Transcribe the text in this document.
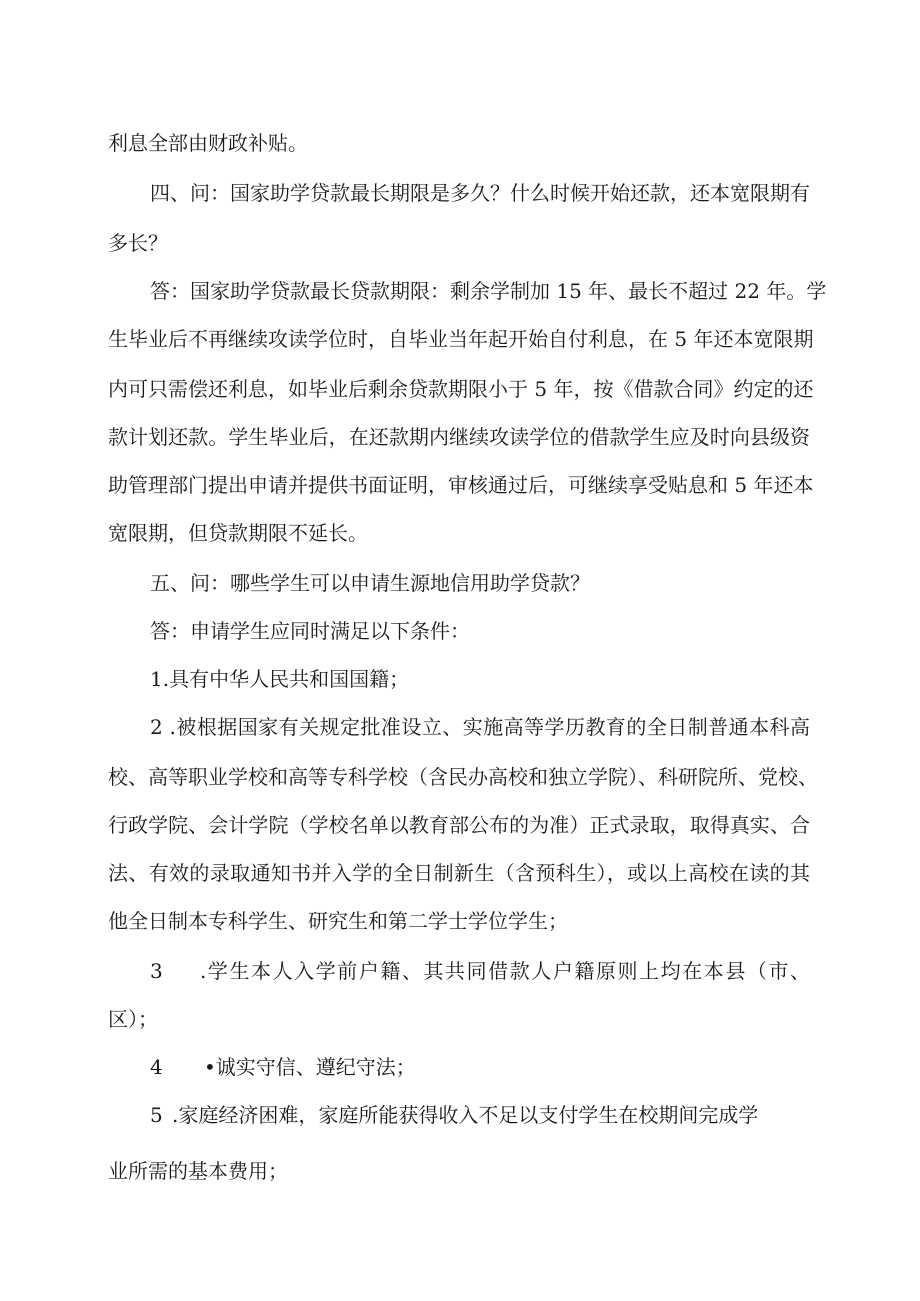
利息全部由财政补贴。

四、问：国家助学贷款最长期限是多久？什么时候开始还款，还本宽限期有

多长？

答：国家助学贷款最长贷款期限：剩余学制加 15 年、最长不超过 22 年。学

生毕业后不再继续攻读学位时，自毕业当年起开始自付利息，在 5 年还本宽限期

内可只需偿还利息，如毕业后剩余贷款期限小于 5 年，按《借款合同》约定的还

款计划还款。学生毕业后，在还款期内继续攻读学位的借款学生应及时向县级资

助管理部门提出申请并提供书面证明，审核通过后，可继续享受贴息和 5 年还本

宽限期，但贷款期限不延长。

五、问：哪些学生可以申请生源地信用助学贷款？

答：申请学生应同时满足以下条件：

1.具有中华人民共和国国籍；

2 .被根据国家有关规定批准设立、实施高等学历教育的全日制普通本科高

校、高等职业学校和高等专科学校（含民办高校和独立学院）、科研院所、党校、

行政学院、会计学院（学校名单以教育部公布的为准）正式录取，取得真实、合

法、有效的录取通知书并入学的全日制新生（含预科生），或以上高校在读的其

他全日制本专科学生、研究生和第二学士学位学生；

3 .学生本人入学前户籍、其共同借款人户籍原则上均在本县（市、

区）；

4 •诚实守信、遵纪守法；

5 .家庭经济困难，家庭所能获得收入不足以支付学生在校期间完成学

业所需的基本费用；
